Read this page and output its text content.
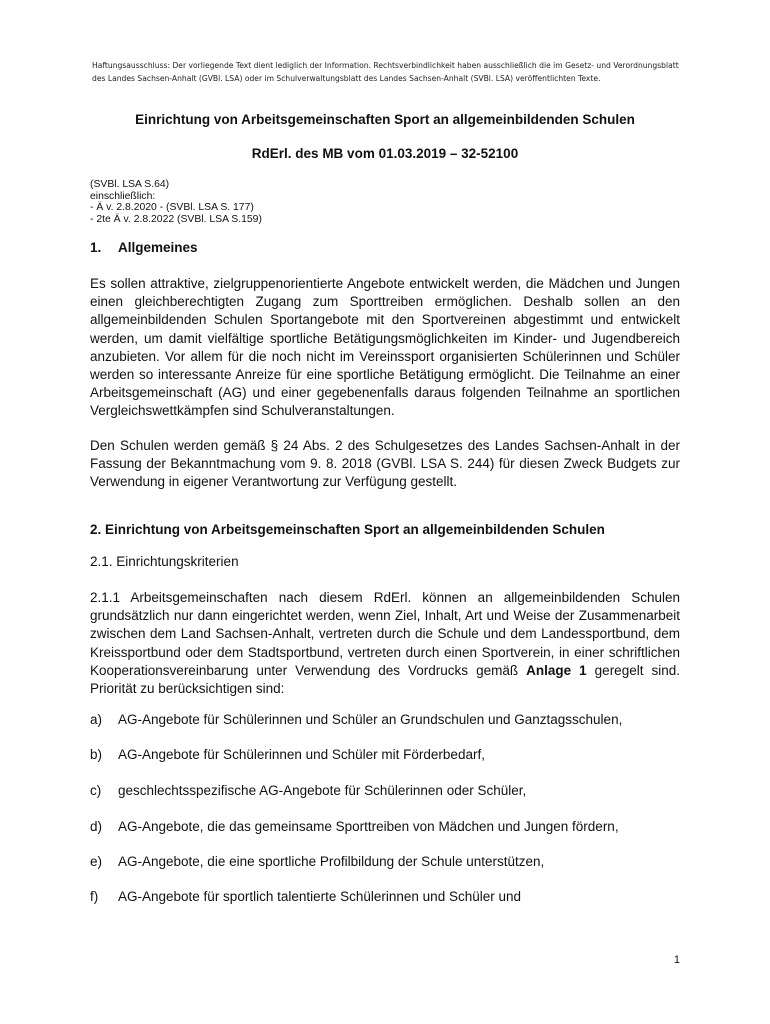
Haftungsausschluss: Der vorliegende Text dient lediglich der Information. Rechtsverbindlichkeit haben ausschließlich die im Gesetz- und Verordnungsblatt des Landes Sachsen-Anhalt (GVBl. LSA) oder im Schulverwaltungsblatt des Landes Sachsen-Anhalt (SVBl. LSA) veröffentlichten Texte.
Einrichtung von Arbeitsgemeinschaften Sport an allgemeinbildenden Schulen
RdErl. des MB vom 01.03.2019 – 32-52100
(SVBl. LSA S.64)
einschließlich:
- Ä v. 2.8.2020 - (SVBl. LSA S. 177)
- 2te Ä v. 2.8.2022 (SVBl. LSA S.159)
1. Allgemeines
Es sollen attraktive, zielgruppenorientierte Angebote entwickelt werden, die Mädchen und Jungen einen gleichberechtigten Zugang zum Sporttreiben ermöglichen. Deshalb sollen an den allgemeinbildenden Schulen Sportangebote mit den Sportvereinen abgestimmt und entwickelt werden, um damit vielfältige sportliche Betätigungsmöglichkeiten im Kinder- und Jugendbereich anzubieten. Vor allem für die noch nicht im Vereinssport organisierten Schülerinnen und Schüler werden so interessante Anreize für eine sportliche Betätigung ermöglicht. Die Teilnahme an einer Arbeitsgemeinschaft (AG) und einer gegebenenfalls daraus folgenden Teilnahme an sportlichen Vergleichswettkämpfen sind Schulveranstaltungen.
Den Schulen werden gemäß § 24 Abs. 2 des Schulgesetzes des Landes Sachsen-Anhalt in der Fassung der Bekanntmachung vom 9. 8. 2018 (GVBl. LSA S. 244) für diesen Zweck Budgets zur Verwendung in eigener Verantwortung zur Verfügung gestellt.
2. Einrichtung von Arbeitsgemeinschaften Sport an allgemeinbildenden Schulen
2.1. Einrichtungskriterien
2.1.1 Arbeitsgemeinschaften nach diesem RdErl. können an allgemeinbildenden Schulen grundsätzlich nur dann eingerichtet werden, wenn Ziel, Inhalt, Art und Weise der Zusammenarbeit zwischen dem Land Sachsen-Anhalt, vertreten durch die Schule und dem Landessportbund, dem Kreissportbund oder dem Stadtsportbund, vertreten durch einen Sportverein, in einer schriftlichen Kooperationsvereinbarung unter Verwendung des Vordrucks gemäß Anlage 1 geregelt sind. Priorität zu berücksichtigen sind:
a) AG-Angebote für Schülerinnen und Schüler an Grundschulen und Ganztagsschulen,
b) AG-Angebote für Schülerinnen und Schüler mit Förderbedarf,
c) geschlechtsspezifische AG-Angebote für Schülerinnen oder Schüler,
d) AG-Angebote, die das gemeinsame Sporttreiben von Mädchen und Jungen fördern,
e) AG-Angebote, die eine sportliche Profilbildung der Schule unterstützen,
f) AG-Angebote für sportlich talentierte Schülerinnen und Schüler und
1
